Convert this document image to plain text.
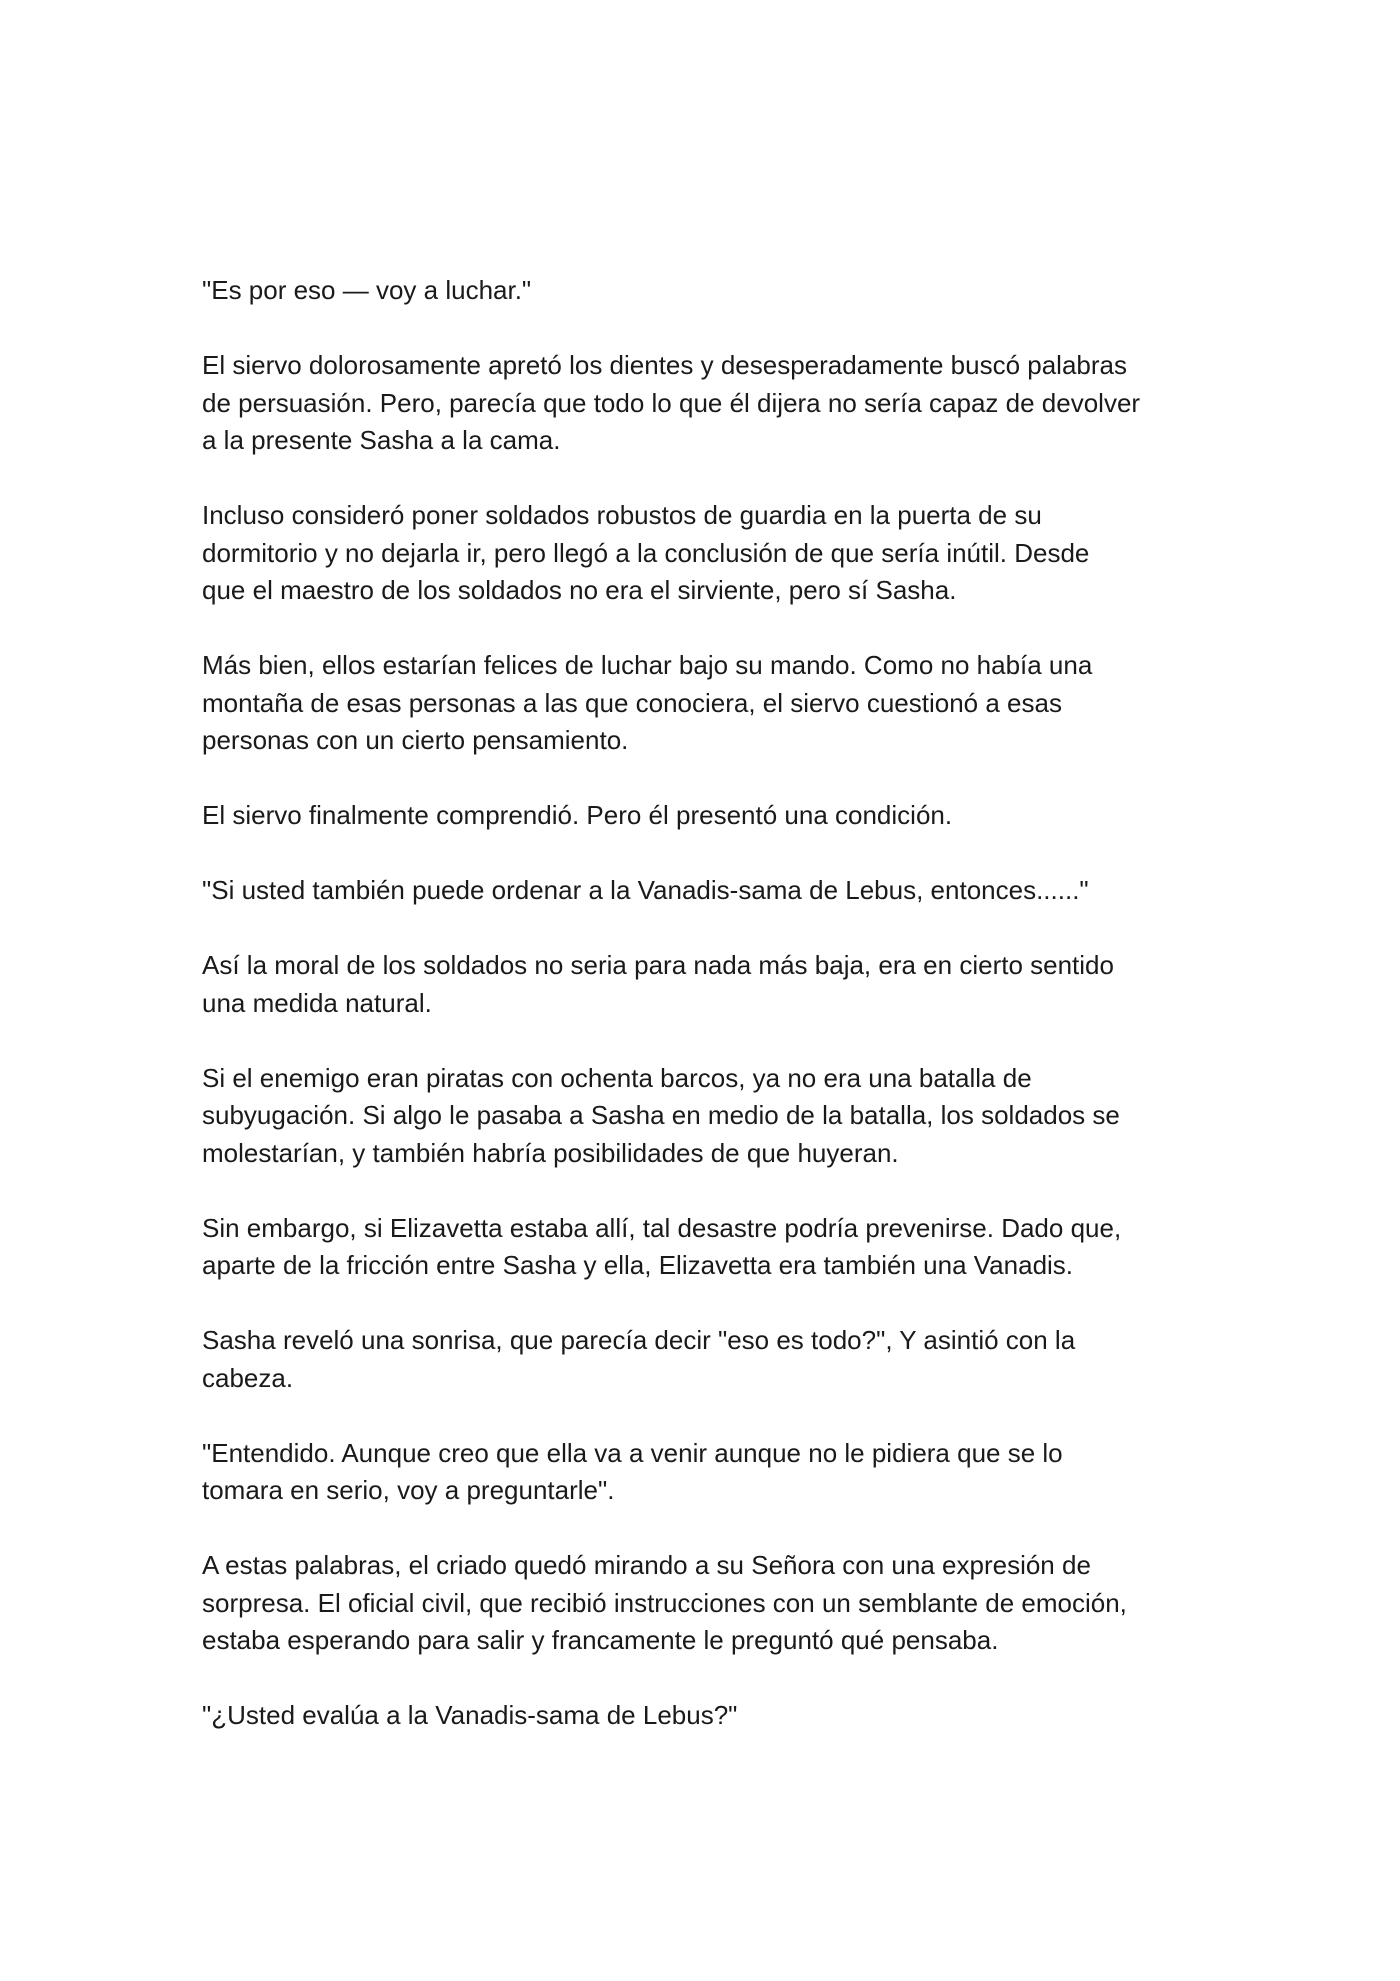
"Es por eso — voy a luchar."

El siervo dolorosamente apretó los dientes y desesperadamente buscó palabras
de persuasión. Pero, parecía que todo lo que él dijera no sería capaz de devolver
a la presente Sasha a la cama.

Incluso consideró poner soldados robustos de guardia en la puerta de su
dormitorio y no dejarla ir, pero llegó a la conclusión de que sería inútil. Desde
que el maestro de los soldados no era el sirviente, pero sí Sasha.

Más bien, ellos estarían felices de luchar bajo su mando. Como no había una
montaña de esas personas a las que conociera, el siervo cuestionó a esas
personas con un cierto pensamiento.

El siervo finalmente comprendió. Pero él presentó una condición.

"Si usted también puede ordenar a la Vanadis-sama de Lebus, entonces......"

Así la moral de los soldados no seria para nada más baja, era en cierto sentido
una medida natural.

Si el enemigo eran piratas con ochenta barcos, ya no era una batalla de
subyugación. Si algo le pasaba a Sasha en medio de la batalla, los soldados se
molestarían, y también habría posibilidades de que huyeran.

Sin embargo, si Elizavetta estaba allí, tal desastre podría prevenirse. Dado que,
aparte de la fricción entre Sasha y ella, Elizavetta era también una Vanadis.

Sasha reveló una sonrisa, que parecía decir "eso es todo?", Y asintió con la
cabeza.

"Entendido. Aunque creo que ella va a venir aunque no le pidiera que se lo
tomara en serio, voy a preguntarle".

A estas palabras, el criado quedó mirando a su Señora con una expresión de
sorpresa. El oficial civil, que recibió instrucciones con un semblante de emoción,
estaba esperando para salir y francamente le preguntó qué pensaba.

"¿Usted evalúa a la Vanadis-sama de Lebus?"
